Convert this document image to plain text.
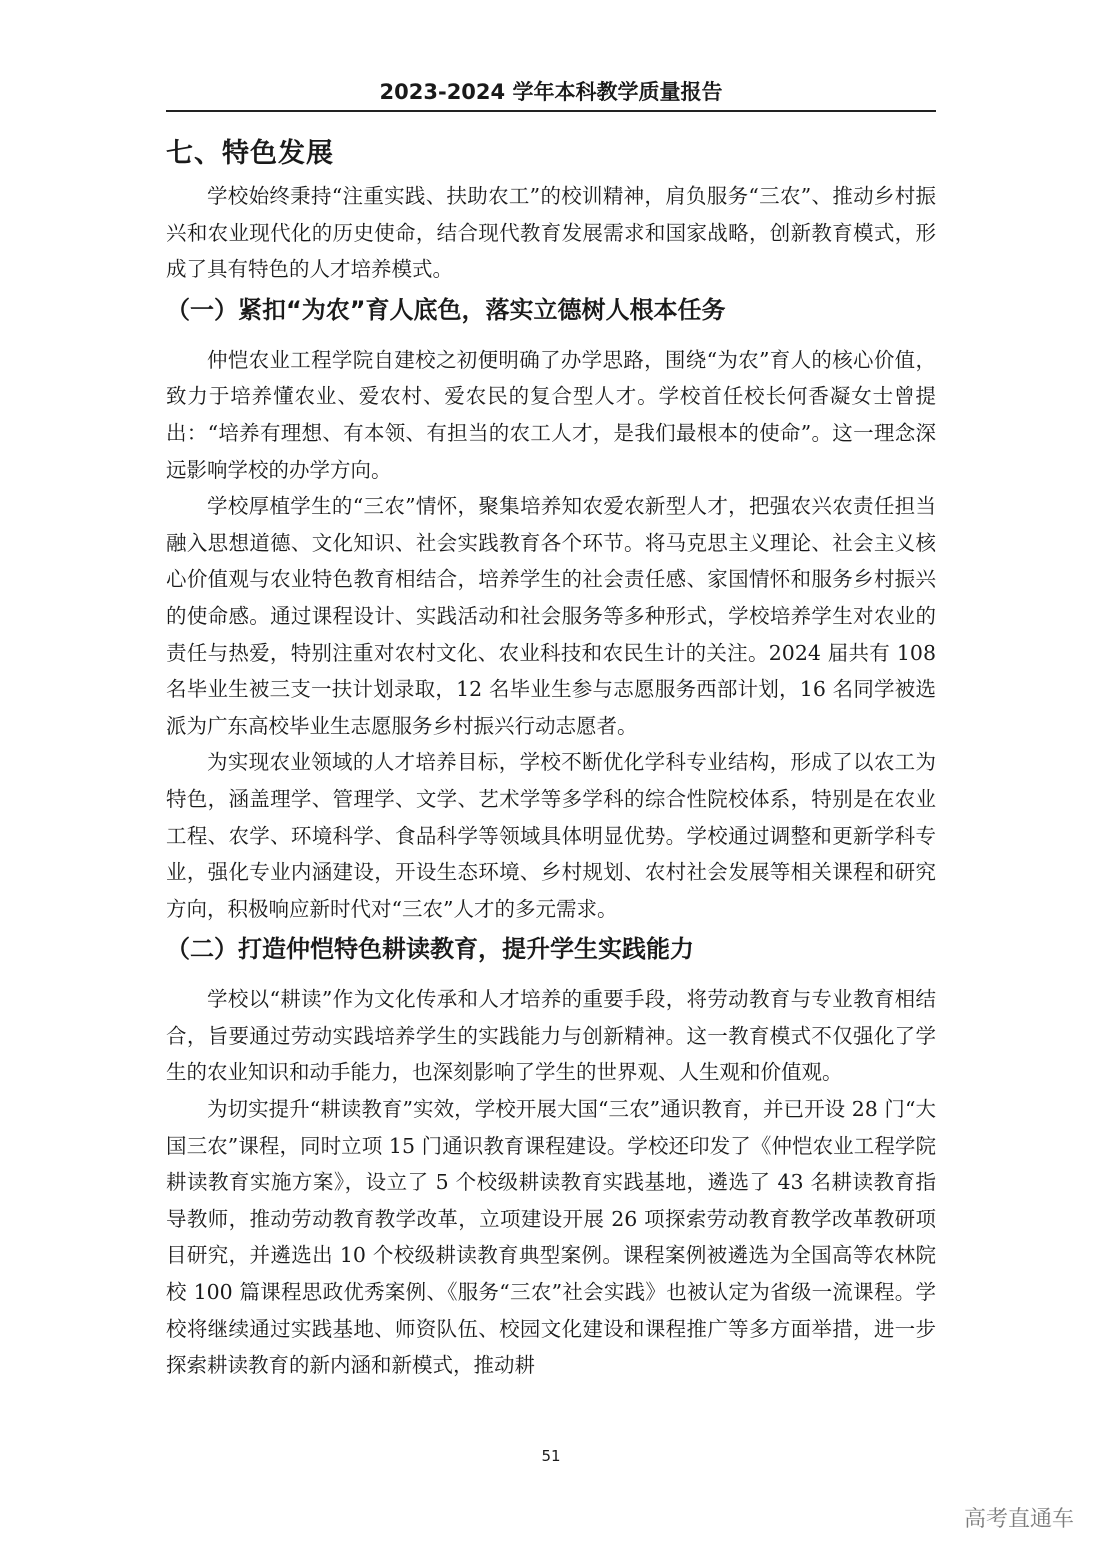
2023-2024 学年本科教学质量报告
七、特色发展

学校始终秉持“注重实践、扶助农工”的校训精神，肩负服务“三农”、推动乡村振兴和农业现代化的历史使命，结合现代教育发展需求和国家战略，创新教育模式，形成了具有特色的人才培养模式。

（一）紧扣“为农”育人底色，落实立德树人根本任务

仲恺农业工程学院自建校之初便明确了办学思路，围绕“为农”育人的核心价值，致力于培养懂农业、爱农村、爱农民的复合型人才。学校首任校长何香凝女士曾提出：“培养有理想、有本领、有担当的农工人才，是我们最根本的使命”。这一理念深远影响学校的办学方向。

学校厚植学生的“三农”情怀，聚集培养知农爱农新型人才，把强农兴农责任担当融入思想道德、文化知识、社会实践教育各个环节。将马克思主义理论、社会主义核心价值观与农业特色教育相结合，培养学生的社会责任感、家国情怀和服务乡村振兴的使命感。通过课程设计、实践活动和社会服务等多种形式，学校培养学生对农业的责任与热爱，特别注重对农村文化、农业科技和农民生计的关注。2024 届共有 108 名毕业生被三支一扶计划录取，12 名毕业生参与志愿服务西部计划，16 名同学被选派为广东高校毕业生志愿服务乡村振兴行动志愿者。

为实现农业领域的人才培养目标，学校不断优化学科专业结构，形成了以农工为特色，涵盖理学、管理学、文学、艺术学等多学科的综合性院校体系，特别是在农业工程、农学、环境科学、食品科学等领域具体明显优势。学校通过调整和更新学科专业，强化专业内涵建设，开设生态环境、乡村规划、农村社会发展等相关课程和研究方向，积极响应新时代对“三农”人才的多元需求。

（二）打造仲恺特色耕读教育，提升学生实践能力

学校以“耕读”作为文化传承和人才培养的重要手段，将劳动教育与专业教育相结合，旨要通过劳动实践培养学生的实践能力与创新精神。这一教育模式不仅强化了学生的农业知识和动手能力，也深刻影响了学生的世界观、人生观和价值观。

为切实提升“耕读教育”实效，学校开展大国“三农”通识教育，并已开设 28 门“大国三农”课程，同时立项 15 门通识教育课程建设。学校还印发了《仲恺农业工程学院耕读教育实施方案》，设立了 5 个校级耕读教育实践基地，遴选了 43 名耕读教育指导教师，推动劳动教育教学改革，立项建设开展 26 项探索劳动教育教学改革教研项目研究，并遴选出 10 个校级耕读教育典型案例。课程案例被遴选为全国高等农林院校 100 篇课程思政优秀案例、《服务“三农”社会实践》也被认定为省级一流课程。学校将继续通过实践基地、师资队伍、校园文化建设和课程推广等多方面举措，进一步探索耕读教育的新内涵和新模式，推动耕

51
高考直通车
